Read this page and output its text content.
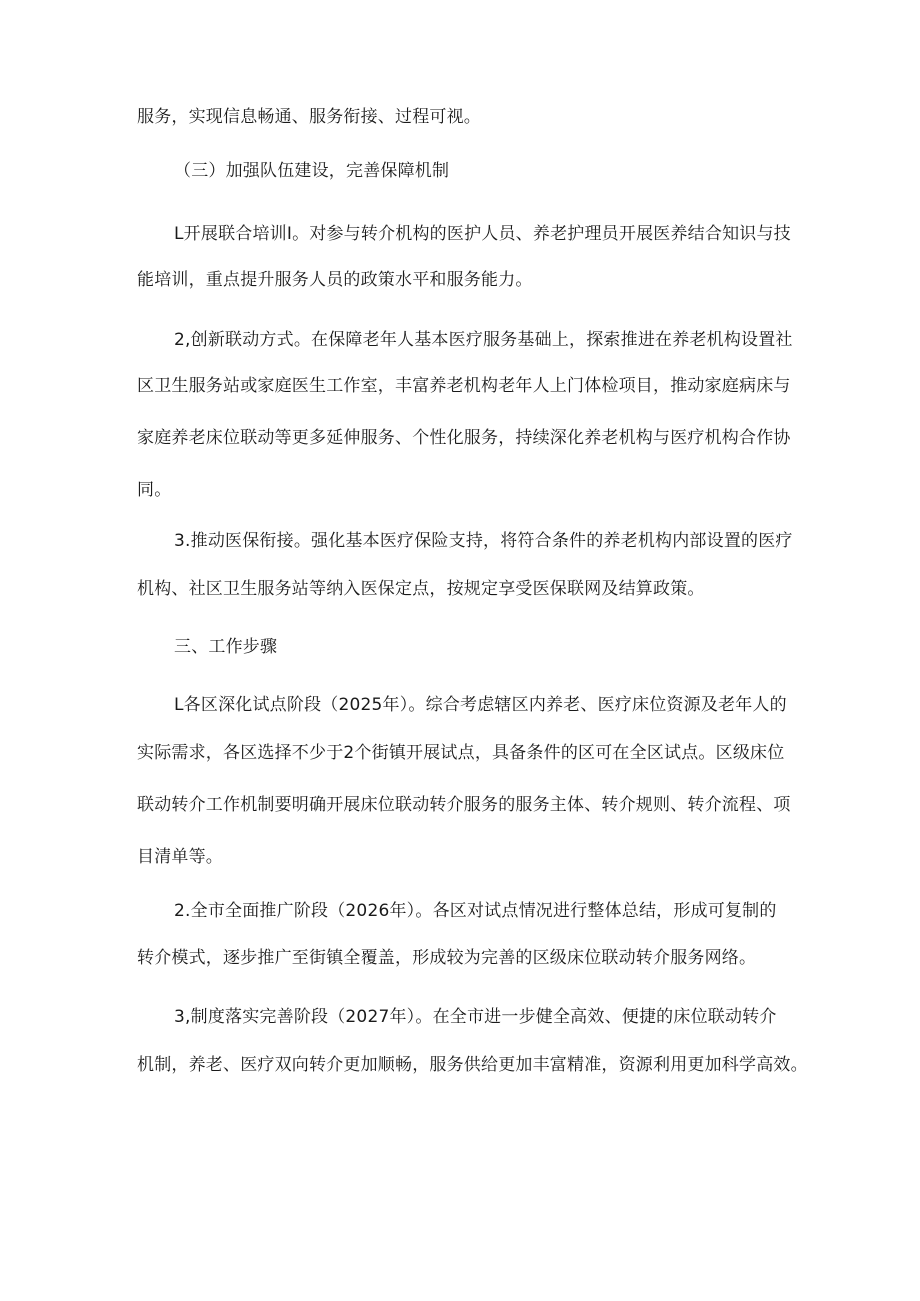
服务，实现信息畅通、服务衔接、过程可视。

（三）加强队伍建设，完善保障机制

L开展联合培训I。对参与转介机构的医护人员、养老护理员开展医养结合知识与技

能培训，重点提升服务人员的政策水平和服务能力。

2,创新联动方式。在保障老年人基本医疗服务基础上，探索推进在养老机构设置社

区卫生服务站或家庭医生工作室，丰富养老机构老年人上门体检项目，推动家庭病床与
家庭养老床位联动等更多延伸服务、个性化服务，持续深化养老机构与医疗机构合作协
同。

3.推动医保衔接。强化基本医疗保险支持，将符合条件的养老机构内部设置的医疗

机构、社区卫生服务站等纳入医保定点，按规定享受医保联网及结算政策。

三、工作步骤

L各区深化试点阶段（2025年）。综合考虑辖区内养老、医疗床位资源及老年人的

实际需求，各区选择不少于2个街镇开展试点，具备条件的区可在全区试点。区级床位
联动转介工作机制要明确开展床位联动转介服务的服务主体、转介规则、转介流程、项
目清单等。

2.全市全面推广阶段（2026年）。各区对试点情况进行整体总结，形成可复制的

转介模式，逐步推广至街镇全覆盖，形成较为完善的区级床位联动转介服务网络。

3,制度落实完善阶段（2027年）。在全市进一步健全高效、便捷的床位联动转介

机制，养老、医疗双向转介更加顺畅，服务供给更加丰富精准，资源利用更加科学高效。
